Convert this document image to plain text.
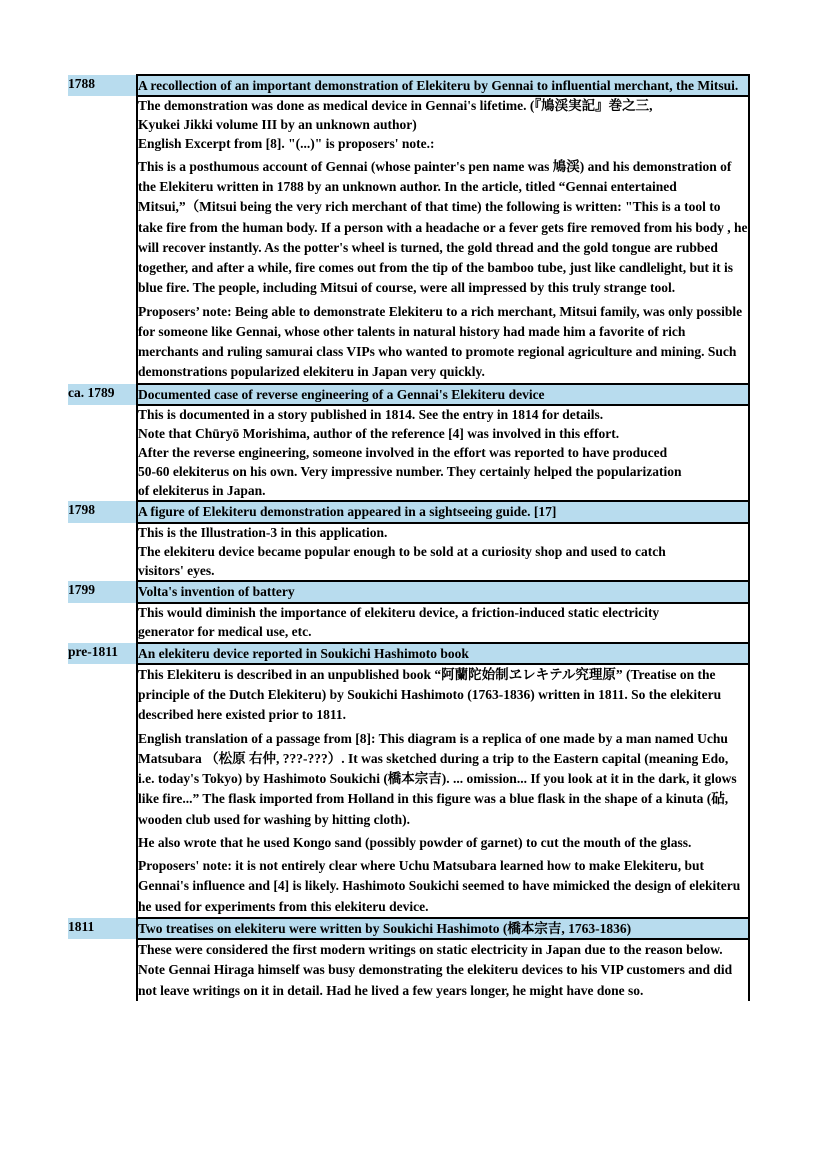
1788	A recollection of an important demonstration of Elekiteru by Gennai to influential merchant, the Mitsui.

	The demonstration was done as medical device in Gennai's lifetime. (『鳩渓実記』巻之三,
Kyukei Jikki volume III by an unknown author)
English Excerpt from [8]. "(...)" is proposers' note.:
This is a posthumous account of Gennai (whose painter's pen name was 鳩渓) and his demonstration of the Elekiteru written in 1788 by an unknown author. In the article, titled “Gennai entertained Mitsui,”（Mitsui being the very rich merchant of that time) the following is written: "This is a tool to take fire from the human body. If a person with a headache or a fever gets fire removed from his body , he will recover instantly. As the potter's wheel is turned, the gold thread and the gold tongue are rubbed together, and after a while, fire comes out from the tip of the bamboo tube, just like candlelight, but it is blue fire. The people, including Mitsui of course, were all impressed by this truly strange tool.
Proposers’ note: Being able to demonstrate Elekiteru to a rich merchant, Mitsui family, was only possible for someone like Gennai, whose other talents in natural history had made him a favorite of rich merchants and ruling samurai class VIPs who wanted to promote regional agriculture and mining. Such demonstrations popularized elekiteru in Japan very quickly.

ca. 1789	Documented case of reverse engineering of a Gennai's Elekiteru device

	This is documented in a story published in 1814. See the entry in 1814 for details.
Note that Chūryō Morishima, author of the reference [4] was involved in this effort.
After the reverse engineering, someone involved in the effort was reported to have produced
50-60 elekiterus on his own. Very impressive number. They certainly helped the popularization
of elekiterus in Japan.

1798	A figure of Elekiteru demonstration appeared in a sightseeing guide. [17]

	This is the Illustration-3 in this application.
The elekiteru device became popular enough to be sold at a curiosity shop and used to catch
visitors' eyes.

1799	Volta's invention of battery

	This would diminish the importance of elekiteru device, a friction-induced static electricity
generator for medical use, etc.

pre-1811	An elekiteru device reported in Soukichi Hashimoto book

	This Elekiteru is described in an unpublished book “阿蘭陀始制ヱレキテル究理原” (Treatise on the principle of the Dutch Elekiteru) by Soukichi Hashimoto (1763-1836) written in 1811. So the elekiteru described here existed prior to 1811.
English translation of a passage from [8]: This diagram is a replica of one made by a man named Uchu Matsubara （松原 右仲, ???-???）. It was sketched during a trip to the Eastern capital (meaning Edo, i.e. today's Tokyo) by Hashimoto Soukichi (橋本宗吉). ... omission... If you look at it in the dark, it glows like fire...” The flask imported from Holland in this figure was a blue flask in the shape of a kinuta (砧, wooden club used for washing by hitting cloth).
He also wrote that he used Kongo sand (possibly powder of garnet) to cut the mouth of the glass.
Proposers' note: it is not entirely clear where Uchu Matsubara learned how to make Elekiteru, but Gennai's influence and [4] is likely. Hashimoto Soukichi seemed to have mimicked the design of elekiteru he used for experiments from this elekiteru device.

1811	Two treatises on elekiteru were written by Soukichi Hashimoto (橋本宗吉, 1763-1836)

	These were considered the first modern writings on static electricity in Japan due to the reason below. Note Gennai Hiraga himself was busy demonstrating the elekiteru devices to his VIP customers and did not leave writings on it in detail. Had he lived a few years longer, he might have done so.
